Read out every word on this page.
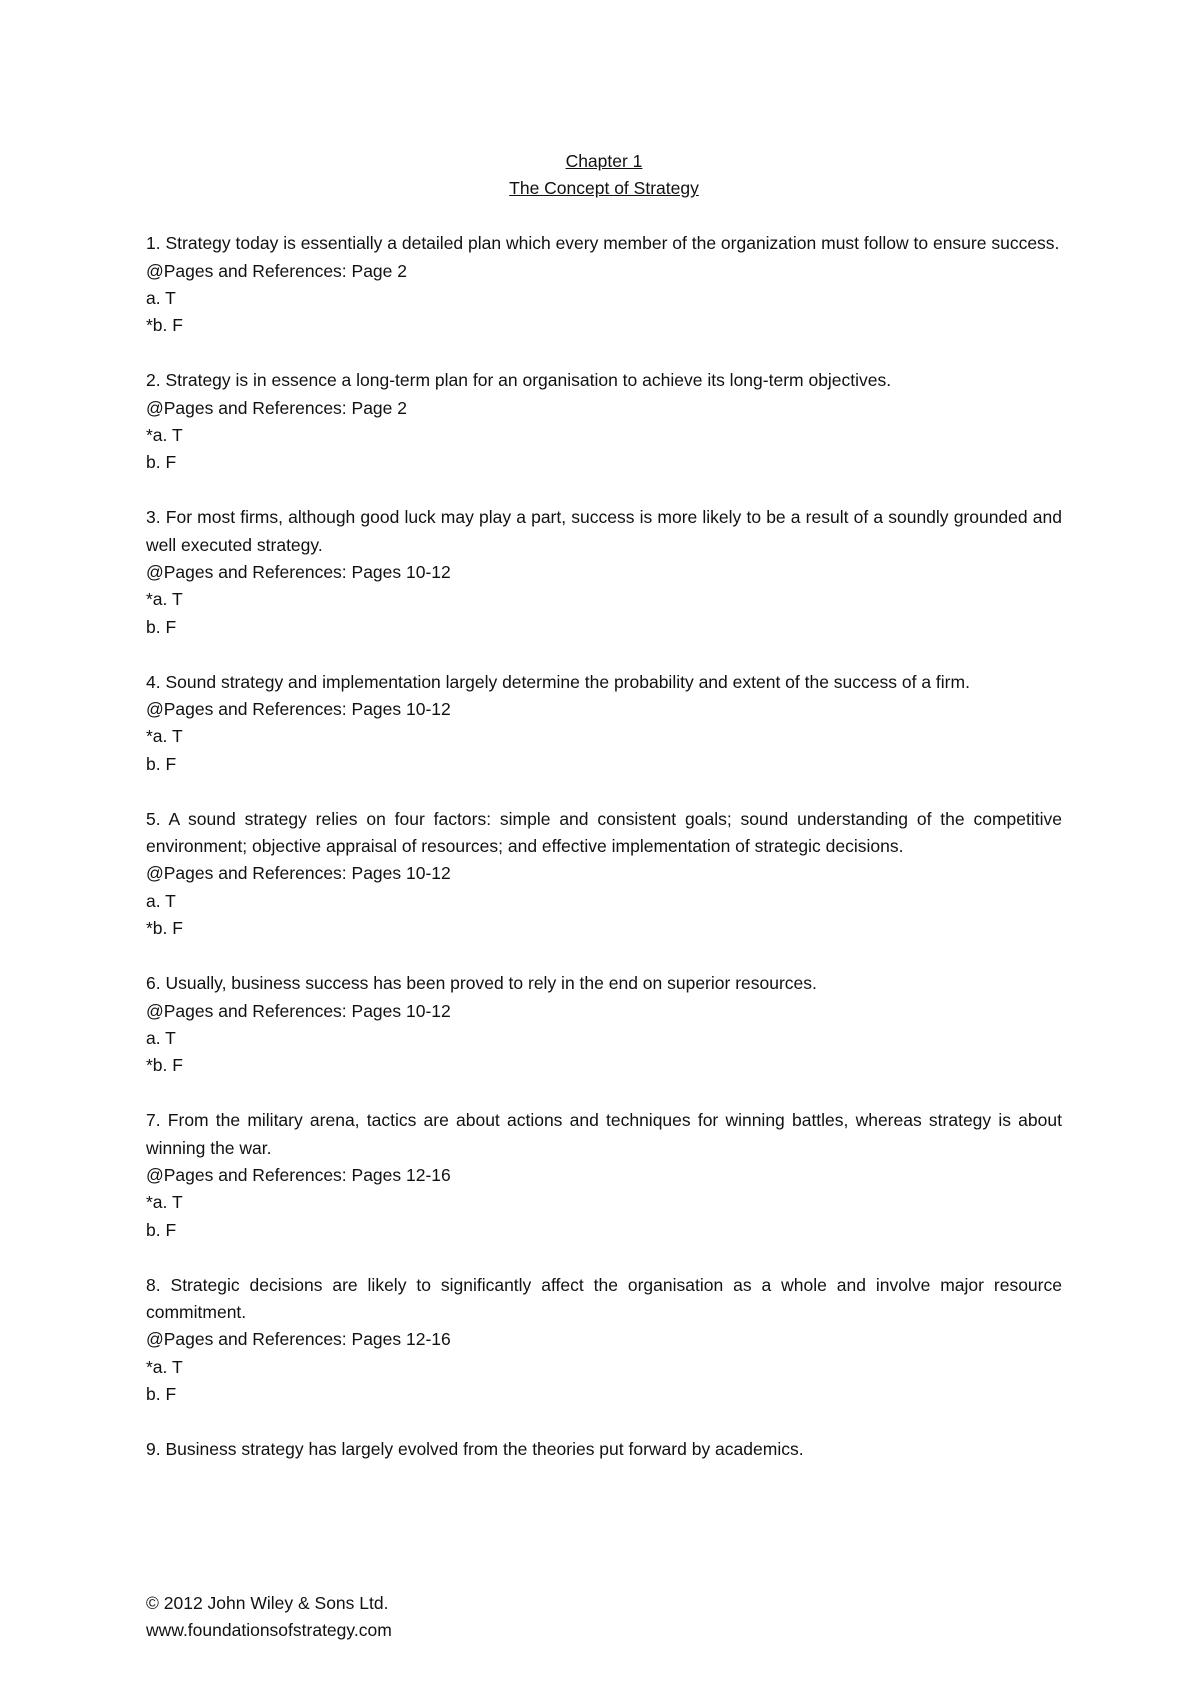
Chapter 1
The Concept of Strategy
1. Strategy today is essentially a detailed plan which every member of the organization must follow to ensure success.
@Pages and References: Page 2
a. T
*b. F
2. Strategy is in essence a long-term plan for an organisation to achieve its long-term objectives.
@Pages and References: Page 2
*a. T
b. F
3. For most firms, although good luck may play a part, success is more likely to be a result of a soundly grounded and well executed strategy.
@Pages and References: Pages 10-12
*a. T
b. F
4. Sound strategy and implementation largely determine the probability and extent of the success of a firm.
@Pages and References: Pages 10-12
*a. T
b. F
5. A sound strategy relies on four factors: simple and consistent goals; sound understanding of the competitive environment; objective appraisal of resources; and effective implementation of strategic decisions.
@Pages and References: Pages 10-12
a. T
*b. F
6. Usually, business success has been proved to rely in the end on superior resources.
@Pages and References: Pages 10-12
a. T
*b. F
7. From the military arena, tactics are about actions and techniques for winning battles, whereas strategy is about winning the war.
@Pages and References: Pages 12-16
*a. T
b. F
8. Strategic decisions are likely to significantly affect the organisation as a whole and involve major resource commitment.
@Pages and References: Pages 12-16
*a. T
b. F
9. Business strategy has largely evolved from the theories put forward by academics.
© 2012 John Wiley & Sons Ltd.
www.foundationsofstrategy.com
